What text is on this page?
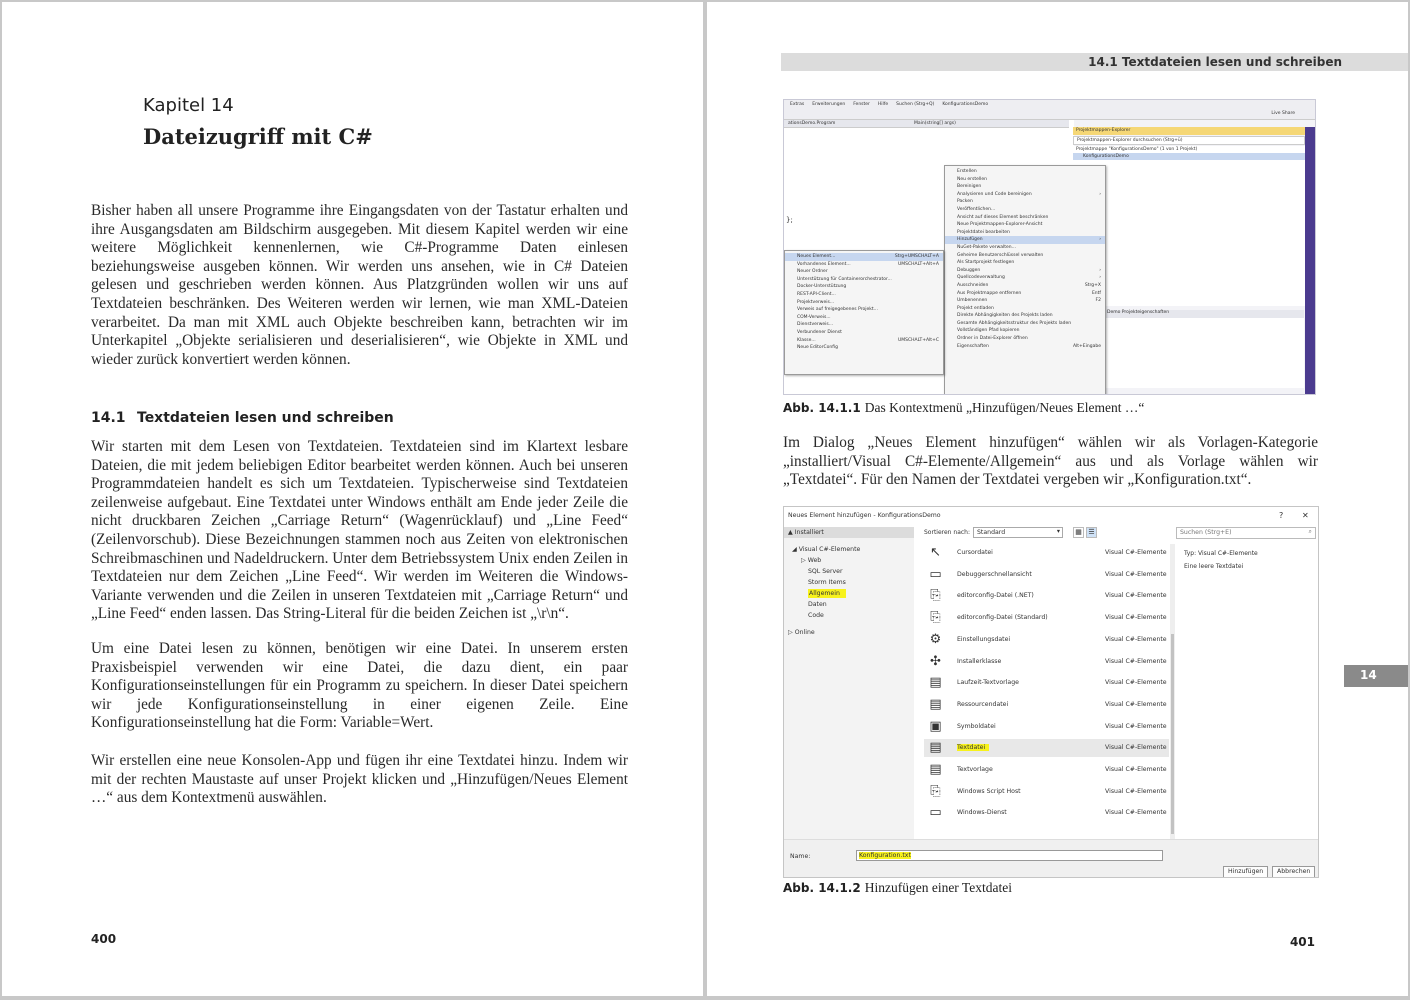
Kapitel 14
Dateizugriff mit C#

Bisher haben all unsere Programme ihre Eingangsdaten von der Tastatur erhalten und ihre Ausgangsdaten am Bildschirm ausgegeben. Mit diesem Kapitel werden wir eine weitere Möglichkeit kennenlernen, wie C#-Programme Daten einlesen beziehungsweise ausgeben können. Wir werden uns ansehen, wie in C# Dateien gelesen und geschrieben werden können. Aus Platzgründen wollen wir uns auf Textdateien beschränken. Des Weiteren werden wir lernen, wie man XML-Dateien verarbeitet. Da man mit XML auch Objekte beschreiben kann, betrachten wir im Unterkapitel „Objekte serialisieren und deserialisieren“, wie Objekte in XML und wieder zurück konvertiert werden können.

14.1 Textdateien lesen und schreiben

Wir starten mit dem Lesen von Textdateien. Textdateien sind im Klartext lesbare Dateien, die mit jedem beliebigen Editor bearbeitet werden können. Auch bei unseren Programmdateien handelt es sich um Textdateien. Typischerweise sind Textdateien zeilenweise aufgebaut. Eine Textdatei unter Windows enthält am Ende jeder Zeile die nicht druckbaren Zeichen „Carriage Return“ (Wagenrücklauf) und „Line Feed“ (Zeilenvorschub). Diese Bezeichnungen stammen noch aus Zeiten von elektronischen Schreibmaschinen und Nadeldruckern. Unter dem Betriebssystem Unix enden Zeilen in Textdateien nur dem Zeichen „Line Feed“. Wir werden im Weiteren die Windows-Variante verwenden und die Zeilen in unseren Textdateien mit „Carriage Return“ und „Line Feed“ enden lassen. Das String-Literal für die beiden Zeichen ist „\r\n“.

Um eine Datei lesen zu können, benötigen wir eine Datei. In unserem ersten Praxisbeispiel verwenden wir eine Datei, die dazu dient, ein paar Konfigurationseinstellungen für ein Programm zu speichern. In dieser Datei speichern wir jede Konfigurationseinstellung in einer eigenen Zeile. Eine Konfigurationseinstellung hat die Form: Variable=Wert.

Wir erstellen eine neue Konsolen-App und fügen ihr eine Textdatei hinzu. Indem wir mit der rechten Maustaste auf unser Projekt klicken und „Hinzufügen/Neues Element …“ aus dem Kontextmenü auswählen.

400
14.1 Textdateien lesen und schreiben
14
Extras Erweiterungen Fenster Hilfe Suchen (Strg+Q) KonfigurationsDemo
Live Share
ationsDemo.Program	Main(string[] args)
};
Projektmappen-Explorer
Projektmappen-Explorer durchsuchen (Strg+ü)
Projektmappe "KonfigurationsDemo" (1 von 1 Projekt)
KonfigurationsDemo
Demo Projekteigenschaften
Erstellen
Neu erstellen
Bereinigen
Analysieren und Code bereinigen	›
Packen
Veröffentlichen...
Ansicht auf dieses Element beschränken
Neue Projektmappen-Explorer-Ansicht
Projektdatei bearbeiten
Hinzufügen	›
NuGet-Pakete verwalten...
Geheime Benutzerschlüssel verwalten
Als Startprojekt festlegen
Debuggen	›
Quellcodeverwaltung	›
Ausschneiden	Strg+X
Aus Projektmappe entfernen	Entf
Umbenennen	F2
Projekt entladen
Direkte Abhängigkeiten des Projekts laden
Gesamte Abhängigkeitsstruktur des Projekts laden
Vollständigen Pfad kopieren
Ordner in Datei-Explorer öffnen
Eigenschaften	Alt+Eingabe
Neues Element...	Strg+UMSCHALT+A
Vorhandenes Element...	UMSCHALT+Alt+A
Neuer Ordner
Unterstützung für Containerorchestrator...
Docker-Unterstützung
REST-API-Client...
Projektverweis...
Verweis auf freigegebenes Projekt...
COM-Verweis...
Dienstverweis...
Verbundener Dienst
Klasse...	UMSCHALT+Alt+C
Neue EditorConfig
Abb. 14.1.1 Das Kontextmenü „Hinzufügen/Neues Element …“

Im Dialog „Neues Element hinzufügen“ wählen wir als Vorlagen-Kategorie „installiert/Visual C#-Elemente/Allgemein“ aus und als Vorlage wählen wir „Textdatei“. Für den Namen der Textdatei vergeben wir „Konfiguration.txt“.

Neues Element hinzufügen - KonfigurationsDemo	? ✕
▲ Installiert
◢ Visual C#-Elemente
▷ Web
SQL Server
Storm Items
Allgemein
Daten
Code
▷ Online
Sortieren nach:	Standard	▾	▦ ☰	Suchen (Strg+E)	⌕
↖	Cursordatei	Visual C#-Elemente
▭ Debuggerschnellansicht	Visual C#-Elemente
⎘	editorconfig-Datei (.NET)	Visual C#-Elemente
⎘	editorconfig-Datei (Standard)	Visual C#-Elemente
⚙	Einstellungsdatei	Visual C#-Elemente
✣	Installerklasse	Visual C#-Elemente
▤ Laufzeit-Textvorlage	Visual C#-Elemente
▤ Ressourcendatei	Visual C#-Elemente
▣ Symboldatei	Visual C#-Elemente
▤ Textdatei	Visual C#-Elemente
▤ Textvorlage	Visual C#-Elemente
⎘	Windows Script Host	Visual C#-Elemente
▭ Windows-Dienst	Visual C#-Elemente
Typ: Visual C#-Elemente
Eine leere Textdatei
Name:	Konfiguration.txt
Hinzufügen	Abbrechen
Abb. 14.1.2 Hinzufügen einer Textdatei
401
